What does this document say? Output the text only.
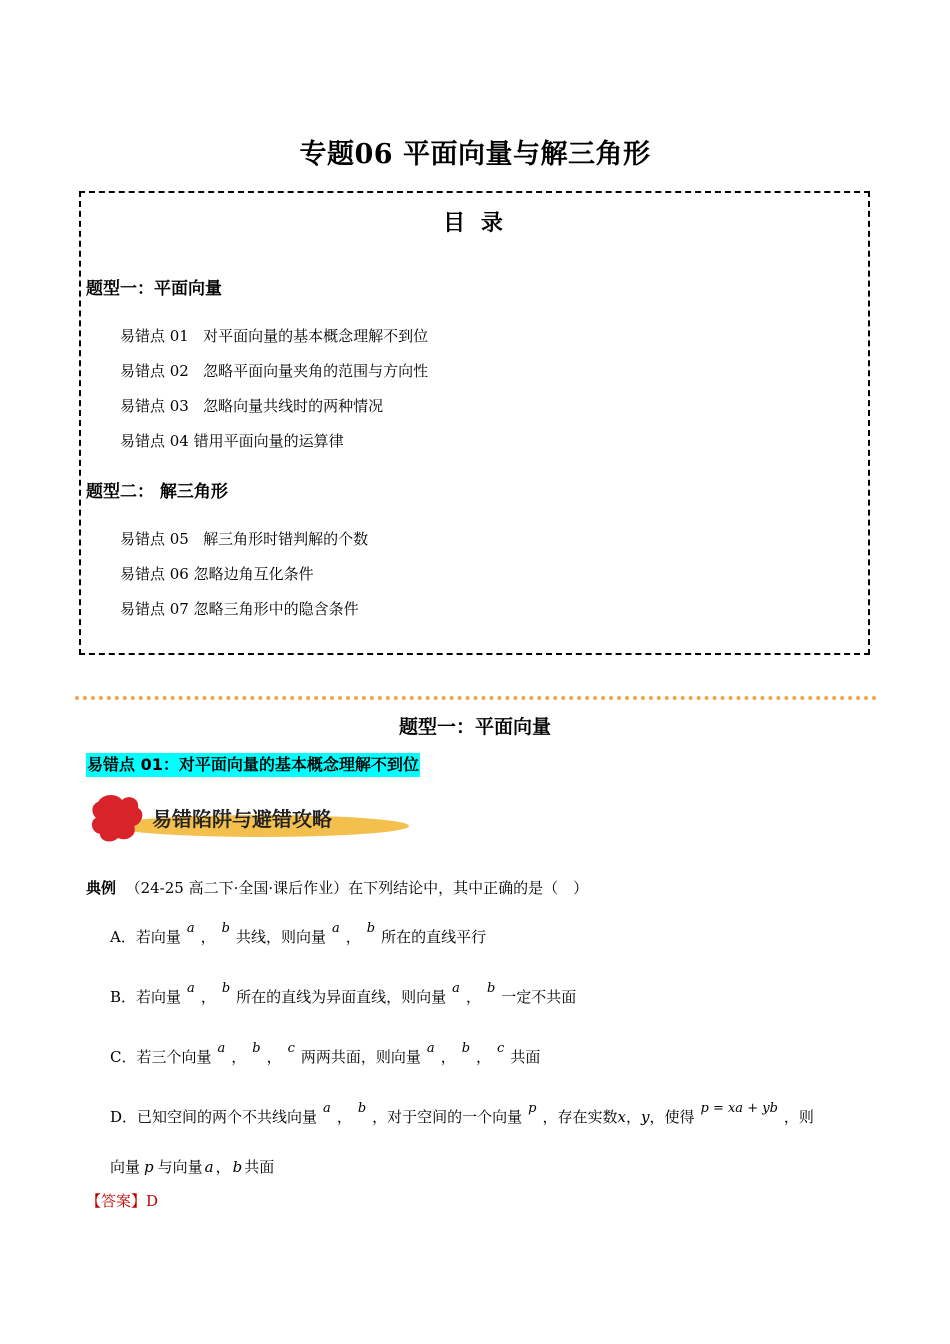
专题06 平面向量与解三角形
目 录
题型一：平面向量
易错点 01 对平面向量的基本概念理解不到位
易错点 02 忽略平面向量夹角的范围与方向性
易错点 03 忽略向量共线时的两种情况
易错点 04 错用平面向量的运算律
题型二： 解三角形
易错点 05 解三角形时错判解的个数
易错点 06 忽略边角互化条件
易错点 07 忽略三角形中的隐含条件
题型一：平面向量
易错点 01：对平面向量的基本概念理解不到位
易错陷阱与避错攻略
典例 （24-25 高二下·全国·课后作业）在下列结论中，其中正确的是（　）
A．若向量 a ， b 共线，则向量 a ， b 所在的直线平行
B．若向量 a ， b 所在的直线为异面直线，则向量 a ， b 一定不共面
C．若三个向量 a ， b ， c 两两共面，则向量 a ， b ， c 共面
D．已知空间的两个不共线向量 a ， b ，对于空间的一个向量 p ，存在实数x，y，使得 p = xa + yb ，则
向量 p 与向量 a ， b 共面
【答案】D
